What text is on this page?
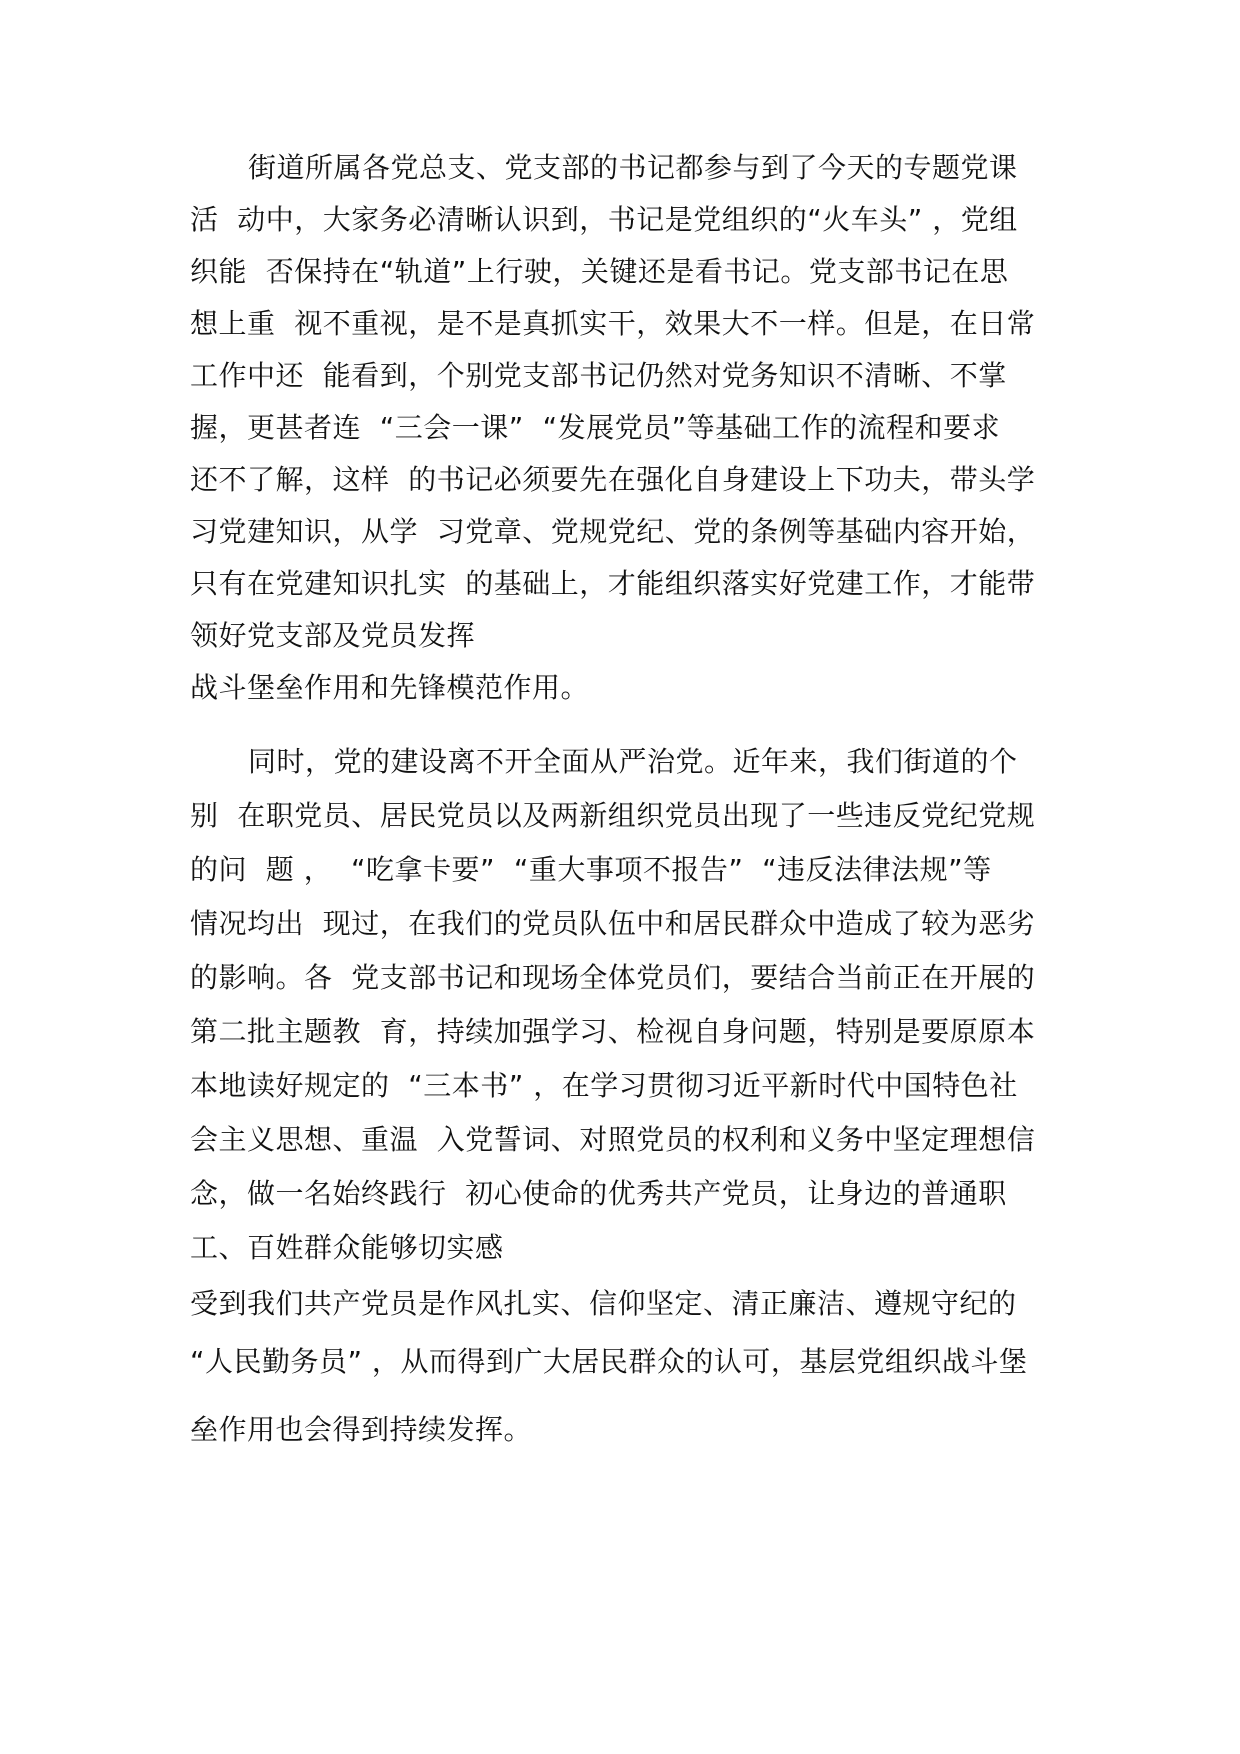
街道所属各党总支、党支部的书记都参与到了今天的专题党课
活  动中，大家务必清晰认识到，书记是党组织的“火车头” ，党组
织能  否保持在“轨道”上行驶，关键还是看书记。党支部书记在思
想上重  视不重视，是不是真抓实干，效果大不一样。但是，在日常
工作中还  能看到，个别党支部书记仍然对党务知识不清晰、不掌
握，更甚者连  “三会一课”  “发展党员”等基础工作的流程和要求
还不了解，这样  的书记必须要先在强化自身建设上下功夫，带头学
习党建知识，从学  习党章、党规党纪、党的条例等基础内容开始，
只有在党建知识扎实  的基础上，才能组织落实好党建工作，才能带
领好党支部及党员发挥
战斗堡垒作用和先锋模范作用。
同时，党的建设离不开全面从严治党。近年来，我们街道的个
别  在职党员、居民党员以及两新组织党员出现了一些违反党纪党规
的问  题 ，  “吃拿卡要”  “重大事项不报告”  “违反法律法规”等
情况均出  现过，在我们的党员队伍中和居民群众中造成了较为恶劣
的影响。各  党支部书记和现场全体党员们，要结合当前正在开展的
第二批主题教  育，持续加强学习、检视自身问题，特别是要原原本
本地读好规定的  “三本书” ，在学习贯彻习近平新时代中国特色社
会主义思想、重温  入党誓词、对照党员的权利和义务中坚定理想信
念，做一名始终践行  初心使命的优秀共产党员，让身边的普通职
工、百姓群众能够切实感
受到我们共产党员是作风扎实、信仰坚定、清正廉洁、遵规守纪的
“人民勤务员” ，从而得到广大居民群众的认可，基层党组织战斗堡
垒作用也会得到持续发挥。
